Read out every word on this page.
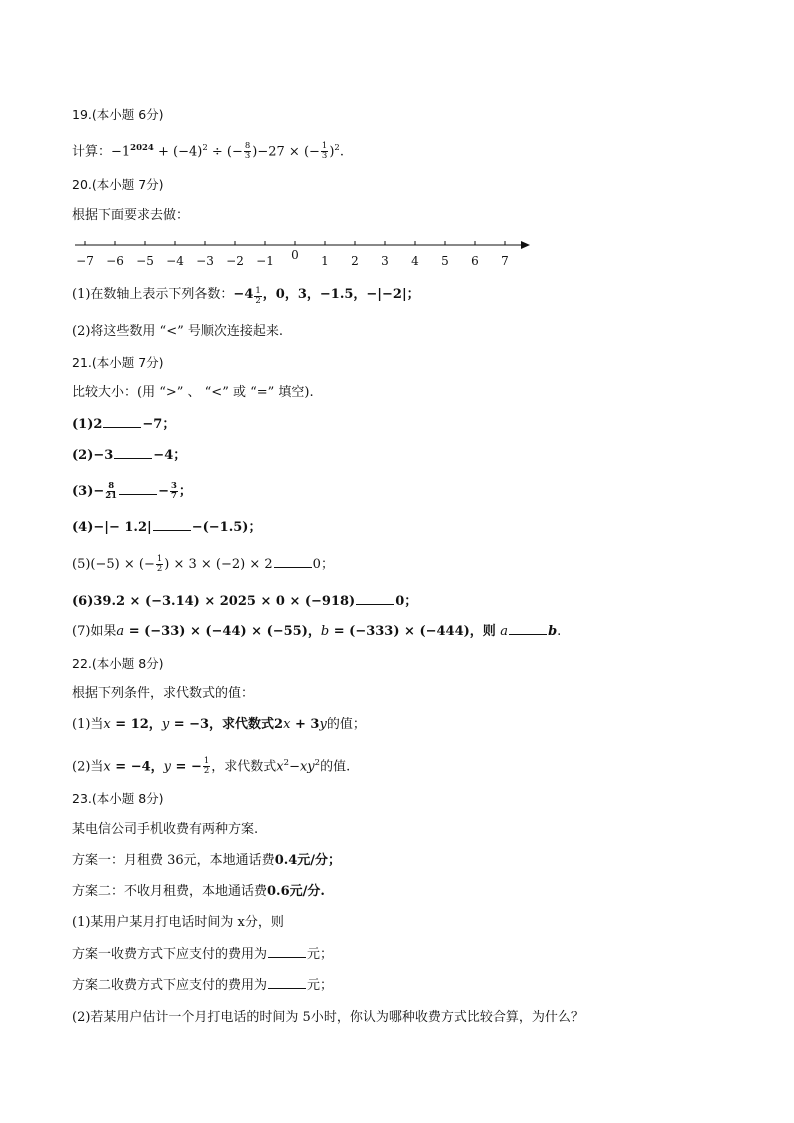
19.(本小题 6分)
计算：$-1^{2024} + (-4)^2$ ÷ (− $\frac{8}{3} )-27$ × (− $\frac{1}{3} )^2$.
20.(本小题 7分)
根据下面要求去做：
−7 −6 −5 −4 −3 −2 −1 0 1 2 3 4 5 6 7
(1)在数轴上表示下列各数：$-4 \frac{1}{2}$ ，0，3，−1.5，−|−2|；
(2)将这些数用 “<” 号顺次连接起来.
21.(本小题 7分)
比较大小：(用 “>” 、 “<” 或 “=” 填空).
(1)2	−7；
(2)−3	−4；
$(3)- \frac{8}{21}$	− $\frac{3}{7}$ ；
(4)−|− 1.2|	−(−1.5)；
(5)(−5) × (− $\frac{1}{2}$ ) × 3 × (−2) × 2	0；
(6)39.2 × (−3.14) × 2025 × 0 × (−918)	0；
(7)如果a = (−33) × (−44) × (−55)，b = (−333) × (−444)，则 a	b.
22.(本小题 8分)
根据下列条件，求代数式的值：
(1)当x = 12，y = −3，求代数式2x + 3y的值；
(2)当x = −4，y = − $\frac{1}{2}$ ，求代数式$x^2-xy^2$的值.
23.(本小题 8分)
某电信公司手机收费有两种方案.
方案一：月租费 36元，本地通话费0.4元/分；
方案二：不收月租费，本地通话费0.6元/分.
(1)某用户某月打电话时间为 x分，则
方案一收费方式下应支付的费用为	元；
方案二收费方式下应支付的费用为	元；
(2)若某用户估计一个月打电话的时间为 5小时，你认为哪种收费方式比较合算，为什么？
